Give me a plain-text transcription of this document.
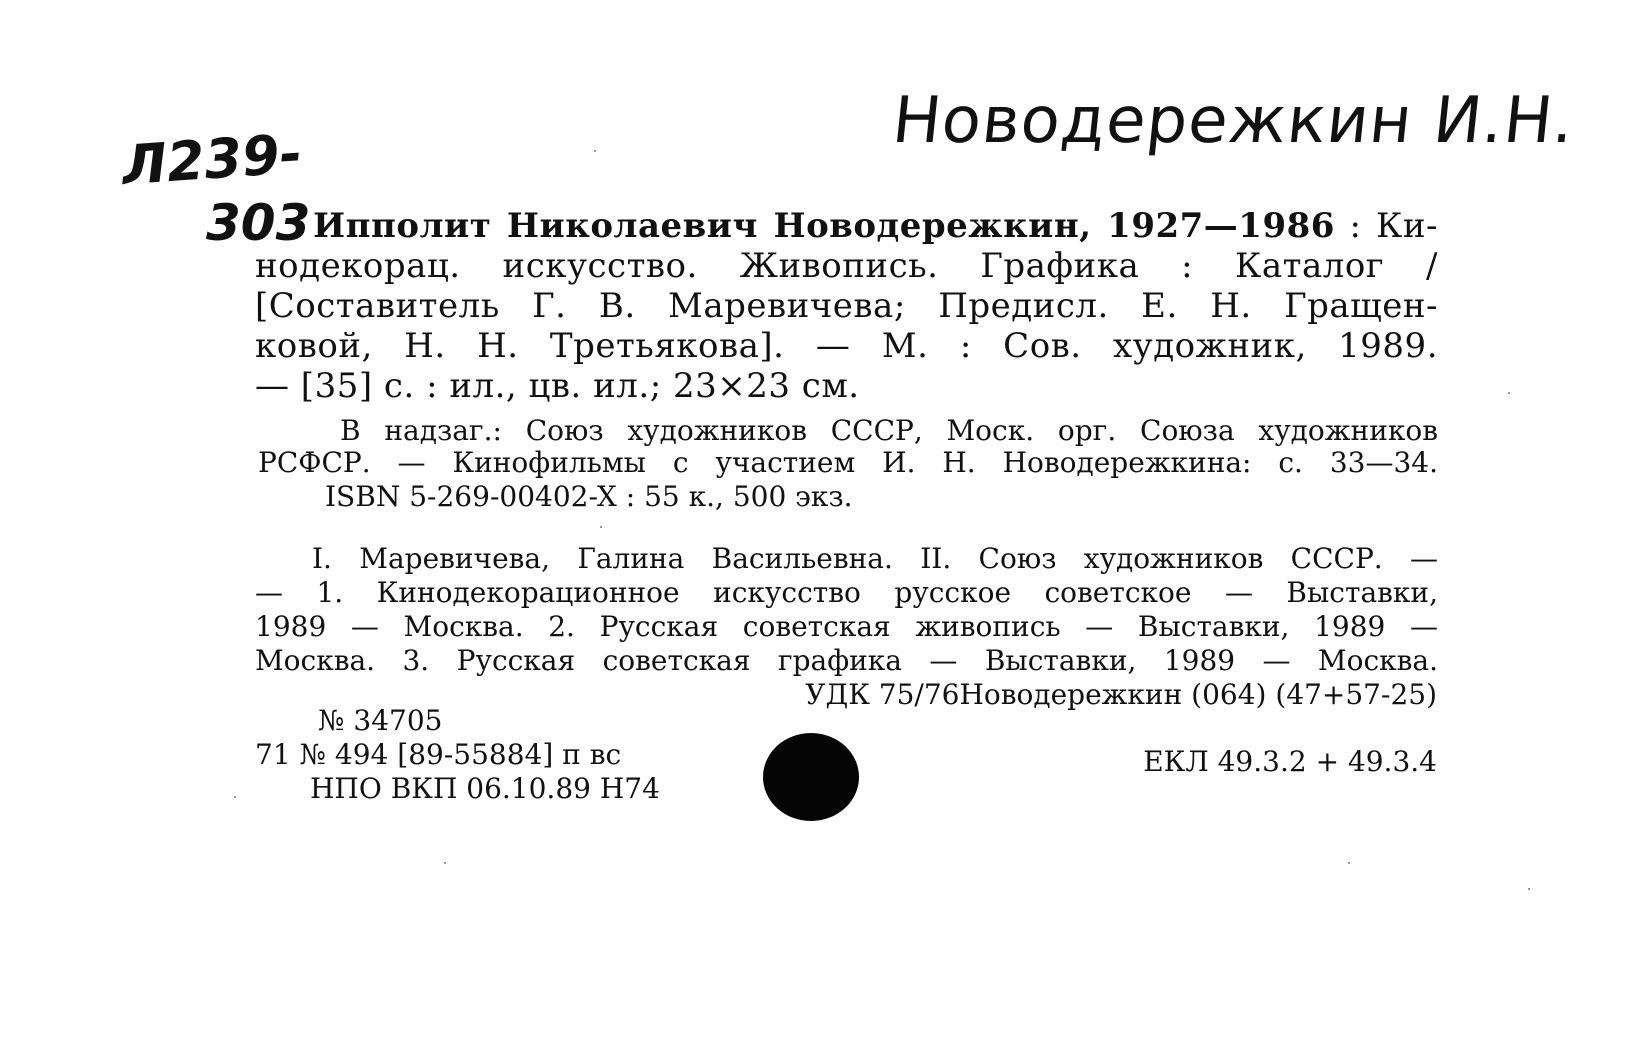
Новодережкин И.Н.
Л239-
303 Ипполит Николаевич Новодережкин, 1927—1986 : Ки-
нодекорац. искусство. Живопись. Графика : Каталог /
[Составитель Г. В. Маревичева; Предисл. Е. Н. Гращен-
ковой, Н. Н. Третьякова]. — М. : Сов. художник, 1989.
— [35] с. : ил., цв. ил.; 23×23 см.
В надзаг.: Союз художников СССР, Моск. орг. Союза художников
РСФСР. — Кинофильмы с участием И. Н. Новодережкина: с. 33—34.
ISBN 5-269-00402-X : 55 к., 500 экз.
I. Маревичева, Галина Васильевна. II. Союз художников СССР. —
— 1. Кинодекорационное искусство русское советское — Выставки,
1989 — Москва. 2. Русская советская живопись — Выставки, 1989 —
Москва. 3. Русская советская графика — Выставки, 1989 — Москва.
УДК 75/76Новодережкин (064) (47+57-25)
№ 34705
71 № 494 [89-55884] п вс
НПО ВКП 06.10.89 Н74
ЕКЛ 49.3.2 + 49.3.4
